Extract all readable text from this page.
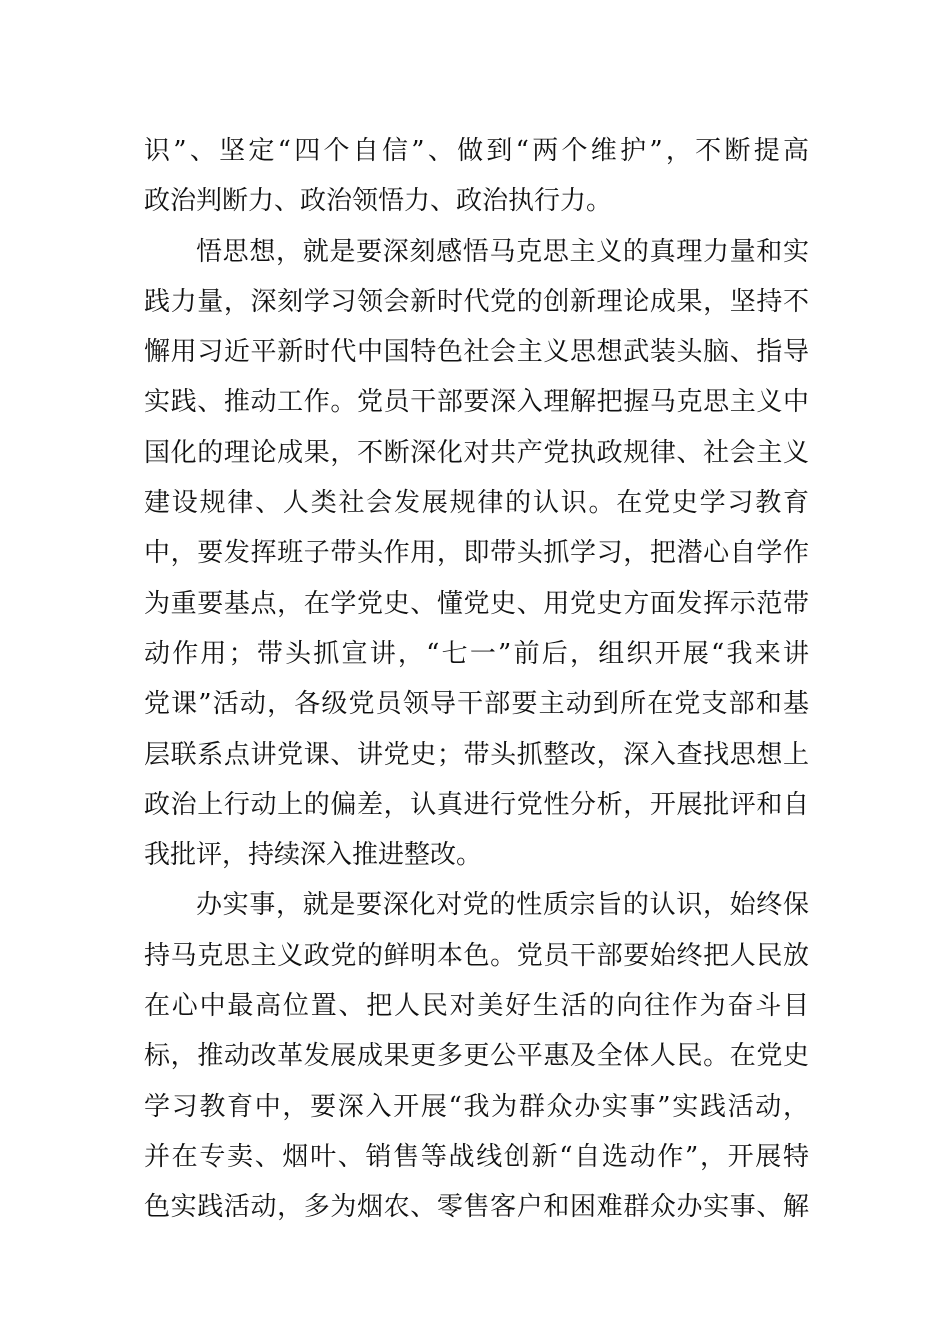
识”、坚定“四个自信”、做到“两个维护”，不断提高
政治判断力、政治领悟力、政治执行力。
悟思想，就是要深刻感悟马克思主义的真理力量和实
践力量，深刻学习领会新时代党的创新理论成果，坚持不
懈用习近平新时代中国特色社会主义思想武装头脑、指导
实践、推动工作。党员干部要深入理解把握马克思主义中
国化的理论成果，不断深化对共产党执政规律、社会主义
建设规律、人类社会发展规律的认识。在党史学习教育
中，要发挥班子带头作用，即带头抓学习，把潜心自学作
为重要基点，在学党史、懂党史、用党史方面发挥示范带
动作用；带头抓宣讲，“七一”前后，组织开展“我来讲
党课”活动，各级党员领导干部要主动到所在党支部和基
层联系点讲党课、讲党史；带头抓整改，深入查找思想上
政治上行动上的偏差，认真进行党性分析，开展批评和自
我批评，持续深入推进整改。
办实事，就是要深化对党的性质宗旨的认识，始终保
持马克思主义政党的鲜明本色。党员干部要始终把人民放
在心中最高位置、把人民对美好生活的向往作为奋斗目
标，推动改革发展成果更多更公平惠及全体人民。在党史
学习教育中，要深入开展“我为群众办实事”实践活动，
并在专卖、烟叶、销售等战线创新“自选动作”，开展特
色实践活动，多为烟农、零售客户和困难群众办实事、解
